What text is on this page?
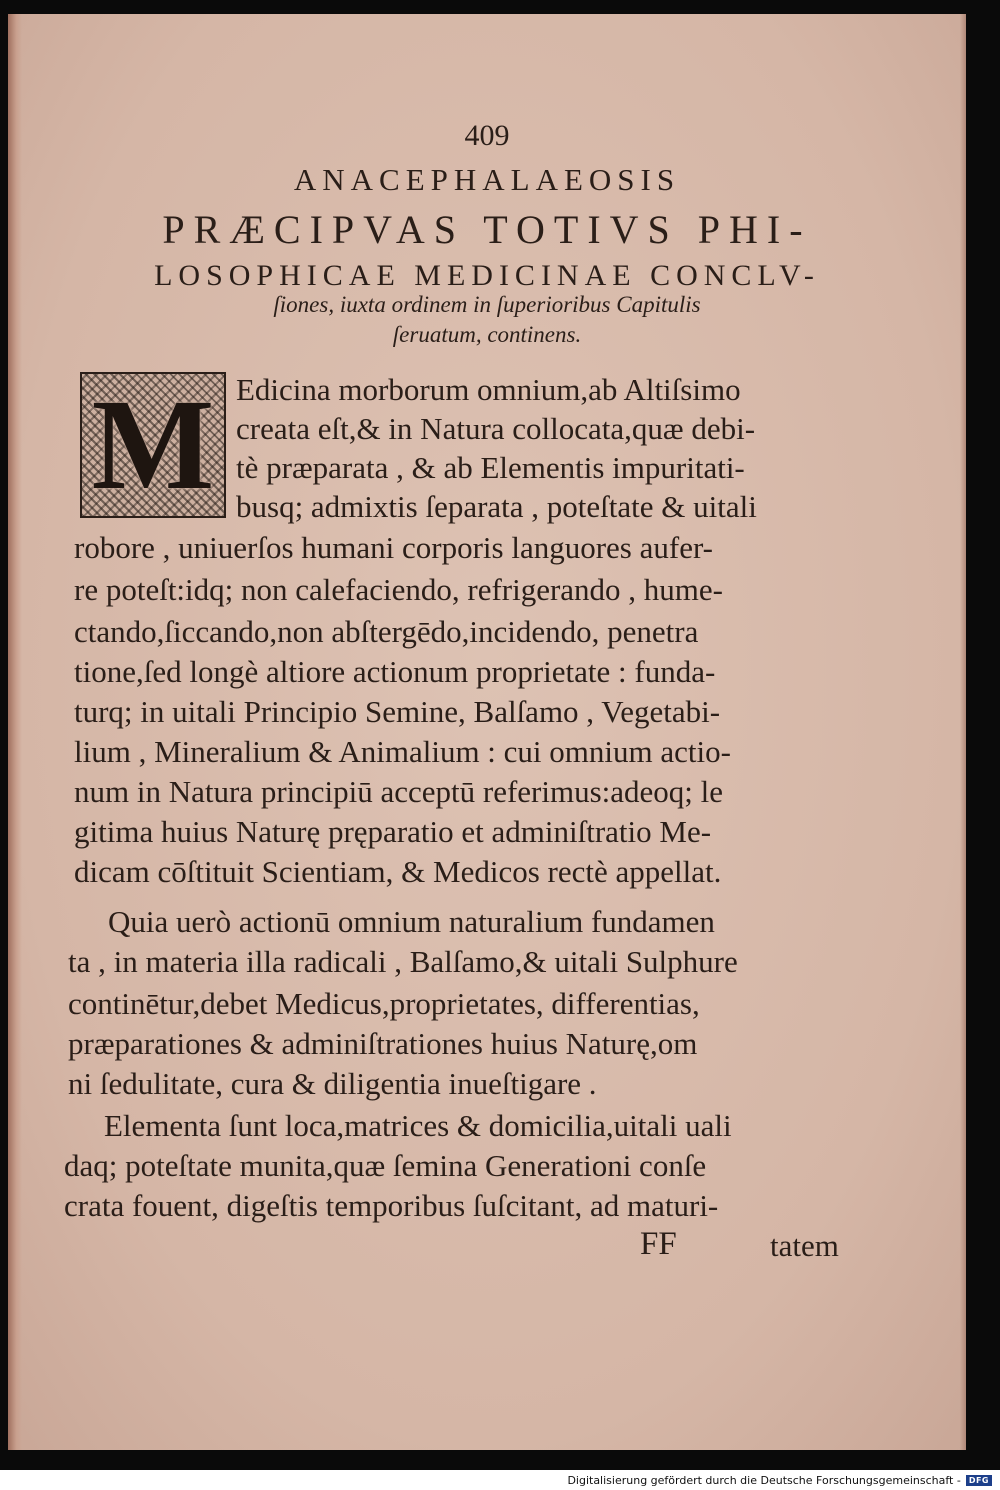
409
ANACEPHALAEOSIS
PRÆCIPVAS TOTIVS PHI-
LOSOPHICAE MEDICINAE CONCLV-
ſiones, iuxta ordinem in ſuperioribus Capitulis
ſeruatum, continens.
M Edicina morborum omnium,ab Altiſsimo
creata eſt,& in Natura collocata,quæ debi-
tè præparata , & ab Elementis impuritati-
busq; admixtis ſeparata , poteſtate & uitali
robore , uniuerſos humani corporis languores aufer-
re poteſt:idq; non calefaciendo, refrigerando , hume-
ctando,ſiccando,non abſtergēdo,incidendo, penetra
tione,ſed longè altiore actionum proprietate : funda-
turq; in uitali Principio Semine, Balſamo , Vegetabi-
lium , Mineralium & Animalium : cui omnium actio-
num in Natura principiū acceptū referimus:adeoq; le
gitima huius Naturę pręparatio et adminiſtratio Me-
dicam cōſtituit Scientiam, & Medicos rectè appellat.
Quia uerò actionū omnium naturalium fundamen
ta , in materia illa radicali , Balſamo,& uitali Sulphure
continētur,debet Medicus,proprietates, differentias,
præparationes & adminiſtrationes huius Naturę,om
ni ſedulitate, cura & diligentia inueſtigare .
Elementa ſunt loca,matrices & domicilia,uitali uali
daq; poteſtate munita,quæ ſemina Generationi conſe
crata fouent, digeſtis temporibus ſuſcitant, ad maturi-
FF	tatem
Digitalisierung gefördert durch die Deutsche Forschungsgemeinschaft -	DFG
